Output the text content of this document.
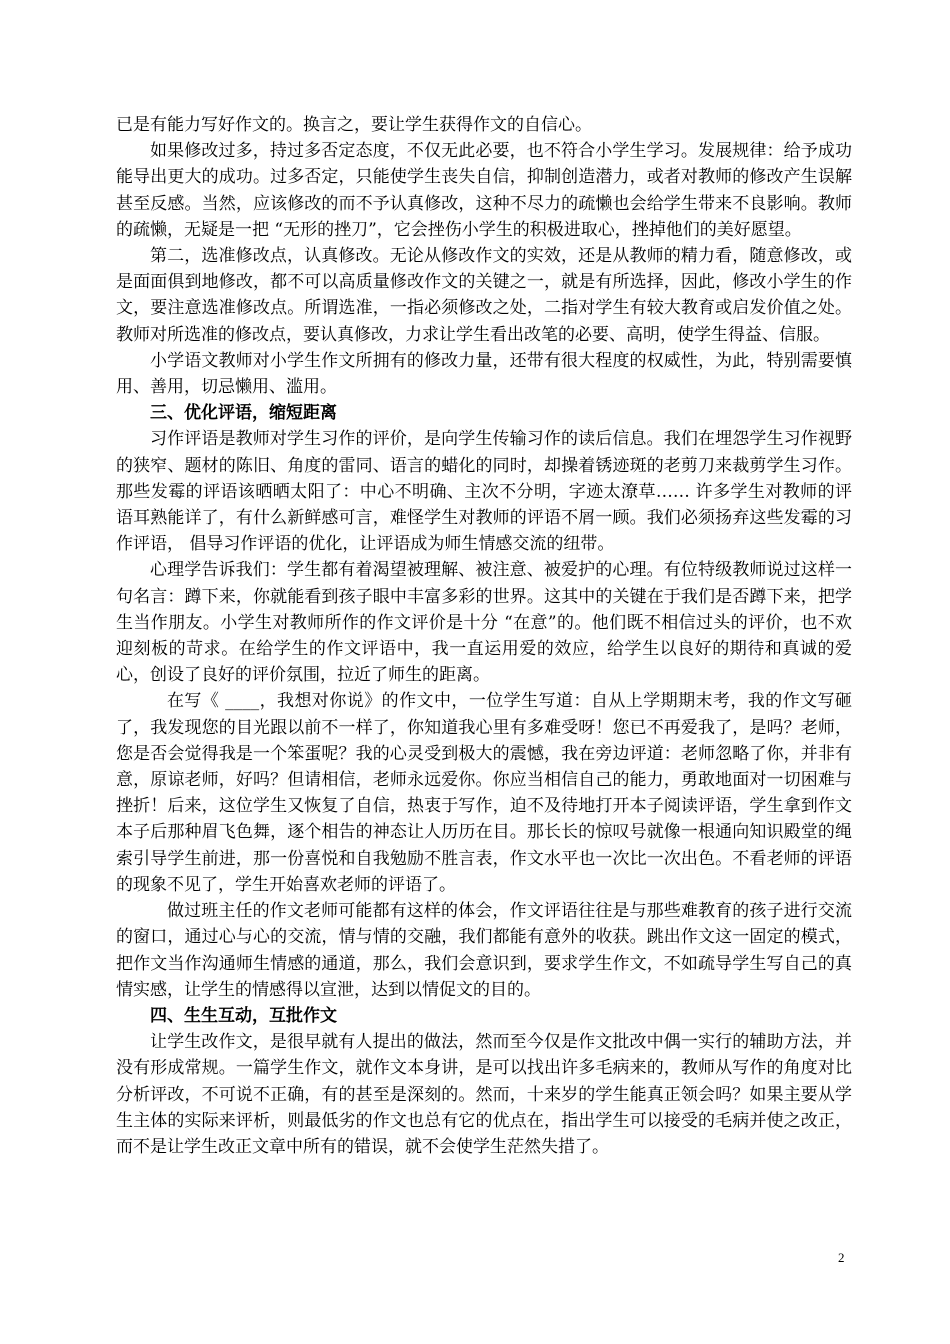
已是有能力写好作文的。换言之，要让学生获得作文的自信心。

如果修改过多，持过多否定态度，不仅无此必要，也不符合小学生学习。发展规律：给予成功能导出更大的成功。过多否定，只能使学生丧失自信，抑制创造潜力，或者对教师的修改产生误解甚至反感。当然，应该修改的而不予认真修改，这种不尽力的疏懒也会给学生带来不良影响。教师的疏懒，无疑是一把 “无形的挫刀”，它会挫伤小学生的积极进取心，挫掉他们的美好愿望。

第二，选准修改点，认真修改。无论从修改作文的实效，还是从教师的精力看，随意修改，或是面面俱到地修改，都不可以高质量修改作文的关键之一，就是有所选择，因此，修改小学生的作文，要注意选准修改点。所谓选准，一指必须修改之处，二指对学生有较大教育或启发价值之处。教师对所选准的修改点，要认真修改，力求让学生看出改笔的必要、高明，使学生得益、信服。

小学语文教师对小学生作文所拥有的修改力量，还带有很大程度的权威性，为此，特别需要慎用、善用，切忌懒用、滥用。

三、优化评语，缩短距离

习作评语是教师对学生习作的评价，是向学生传输习作的读后信息。我们在埋怨学生习作视野的狭窄、题材的陈旧、角度的雷同、语言的蜡化的同时，却操着锈迹斑的老剪刀来裁剪学生习作。那些发霉的评语该晒晒太阳了：中心不明确、主次不分明，字迹太潦草…… 许多学生对教师的评语耳熟能详了，有什么新鲜感可言，难怪学生对教师的评语不屑一顾。我们必须扬弃这些发霉的习作评语， 倡导习作评语的优化，让评语成为师生情感交流的纽带。

心理学告诉我们：学生都有着渴望被理解、被注意、被爱护的心理。有位特级教师说过这样一句名言：蹲下来，你就能看到孩子眼中丰富多彩的世界。这其中的关键在于我们是否蹲下来，把学生当作朋友。小学生对教师所作的作文评价是十分 “在意”的。他们既不相信过头的评价，也不欢迎刻板的苛求。在给学生的作文评语中，我一直运用爱的效应，给学生以良好的期待和真诚的爱心，创设了良好的评价氛围，拉近了师生的距离。

在写《 ____，我想对你说》的作文中，一位学生写道：自从上学期期末考，我的作文写砸了，我发现您的目光跟以前不一样了，你知道我心里有多难受呀！您已不再爱我了，是吗？老师，您是否会觉得我是一个笨蛋呢？我的心灵受到极大的震憾，我在旁边评道：老师忽略了你，并非有意，原谅老师，好吗？但请相信，老师永远爱你。你应当相信自己的能力，勇敢地面对一切困难与挫折！后来，这位学生又恢复了自信，热衷于写作，迫不及待地打开本子阅读评语，学生拿到作文本子后那种眉飞色舞，逐个相告的神态让人历历在目。那长长的惊叹号就像一根通向知识殿堂的绳索引导学生前进，那一份喜悦和自我勉励不胜言表，作文水平也一次比一次出色。不看老师的评语的现象不见了，学生开始喜欢老师的评语了。

做过班主任的作文老师可能都有这样的体会，作文评语往往是与那些难教育的孩子进行交流的窗口，通过心与心的交流，情与情的交融，我们都能有意外的收获。跳出作文这一固定的模式，把作文当作沟通师生情感的通道，那么，我们会意识到，要求学生作文，不如疏导学生写自己的真情实感，让学生的情感得以宣泄，达到以情促文的目的。

四、生生互动，互批作文

让学生改作文，是很早就有人提出的做法，然而至今仅是作文批改中偶一实行的辅助方法，并没有形成常规。一篇学生作文，就作文本身讲，是可以找出许多毛病来的，教师从写作的角度对比分析评改，不可说不正确，有的甚至是深刻的。然而，十来岁的学生能真正领会吗？如果主要从学生主体的实际来评析，则最低劣的作文也总有它的优点在，指出学生可以接受的毛病并使之改正，而不是让学生改正文章中所有的错误，就不会使学生茫然失措了。

2
